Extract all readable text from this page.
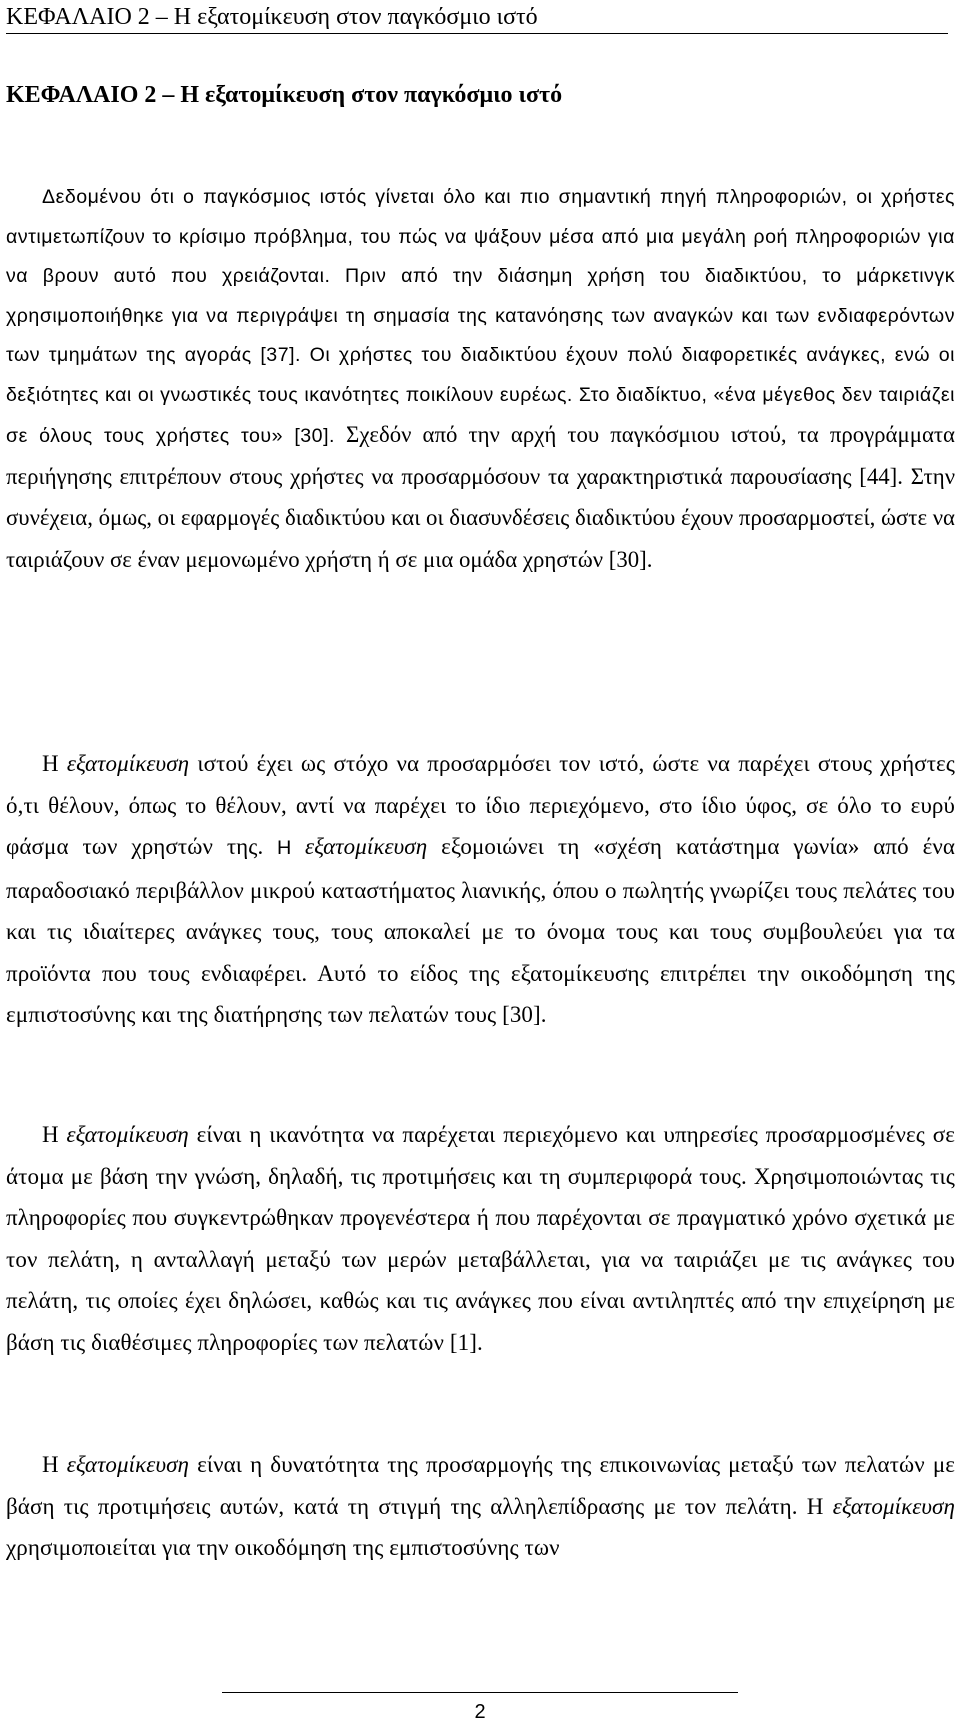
ΚΕΦΑΛΑΙΟ 2 – Η εξατομίκευση στον παγκόσμιο ιστό
ΚΕΦΑΛΑΙΟ 2 – Η εξατομίκευση στον παγκόσμιο ιστό

Δεδομένου ότι ο παγκόσμιος ιστός γίνεται όλο και πιο σημαντική πηγή πληροφοριών, οι χρήστες αντιμετωπίζουν το κρίσιμο πρόβλημα, του πώς να ψάξουν μέσα από μια μεγάλη ροή πληροφοριών για να βρουν αυτό που χρειάζονται. Πριν από την διάσημη χρήση του διαδικτύου, το μάρκετινγκ χρησιμοποιήθηκε για να περιγράψει τη σημασία της κατανόησης των αναγκών και των ενδιαφερόντων των τμημάτων της αγοράς [37]. Οι χρήστες του διαδικτύου έχουν πολύ διαφορετικές ανάγκες, ενώ οι δεξιότητες και οι γνωστικές τους ικανότητες ποικίλουν ευρέως. Στο διαδίκτυο, «ένα μέγεθος δεν ταιριάζει σε όλους τους χρήστες του» [30]. Σχεδόν από την αρχή του παγκόσμιου ιστού, τα προγράμματα περιήγησης επιτρέπουν στους χρήστες να προσαρμόσουν τα χαρακτηριστικά παρουσίασης [44]. Στην συνέχεια, όμως, οι εφαρμογές διαδικτύου και οι διασυνδέσεις διαδικτύου έχουν προσαρμοστεί, ώστε να ταιριάζουν σε έναν μεμονωμένο χρήστη ή σε μια ομάδα χρηστών [30].

Η εξατομίκευση ιστού έχει ως στόχο να προσαρμόσει τον ιστό, ώστε να παρέχει στους χρήστες ό,τι θέλουν, όπως το θέλουν, αντί να παρέχει το ίδιο περιεχόμενο, στο ίδιο ύφος, σε όλο το ευρύ φάσμα των χρηστών της. Η εξατομίκευση εξομοιώνει τη «σχέση κατάστημα γωνία» από ένα παραδοσιακό περιβάλλον μικρού καταστήματος λιανικής, όπου ο πωλητής γνωρίζει τους πελάτες του και τις ιδιαίτερες ανάγκες τους, τους αποκαλεί με το όνομα τους και τους συμβουλεύει για τα προϊόντα που τους ενδιαφέρει. Αυτό το είδος της εξατομίκευσης επιτρέπει την οικοδόμηση της εμπιστοσύνης και της διατήρησης των πελατών τους [30].

Η εξατομίκευση είναι η ικανότητα να παρέχεται περιεχόμενο και υπηρεσίες προσαρμοσμένες σε άτομα με βάση την γνώση, δηλαδή, τις προτιμήσεις και τη συμπεριφορά τους. Χρησιμοποιώντας τις πληροφορίες που συγκεντρώθηκαν προγενέστερα ή που παρέχονται σε πραγματικό χρόνο σχετικά με τον πελάτη, η ανταλλαγή μεταξύ των μερών μεταβάλλεται, για να ταιριάζει με τις ανάγκες του πελάτη, τις οποίες έχει δηλώσει, καθώς και τις ανάγκες που είναι αντιληπτές από την επιχείρηση με βάση τις διαθέσιμες πληροφορίες των πελατών [1].

Η εξατομίκευση είναι η δυνατότητα της προσαρμογής της επικοινωνίας μεταξύ των πελατών με βάση τις προτιμήσεις αυτών, κατά τη στιγμή της αλληλεπίδρασης με τον πελάτη. Η εξατομίκευση χρησιμοποιείται για την οικοδόμηση της εμπιστοσύνης των

2
